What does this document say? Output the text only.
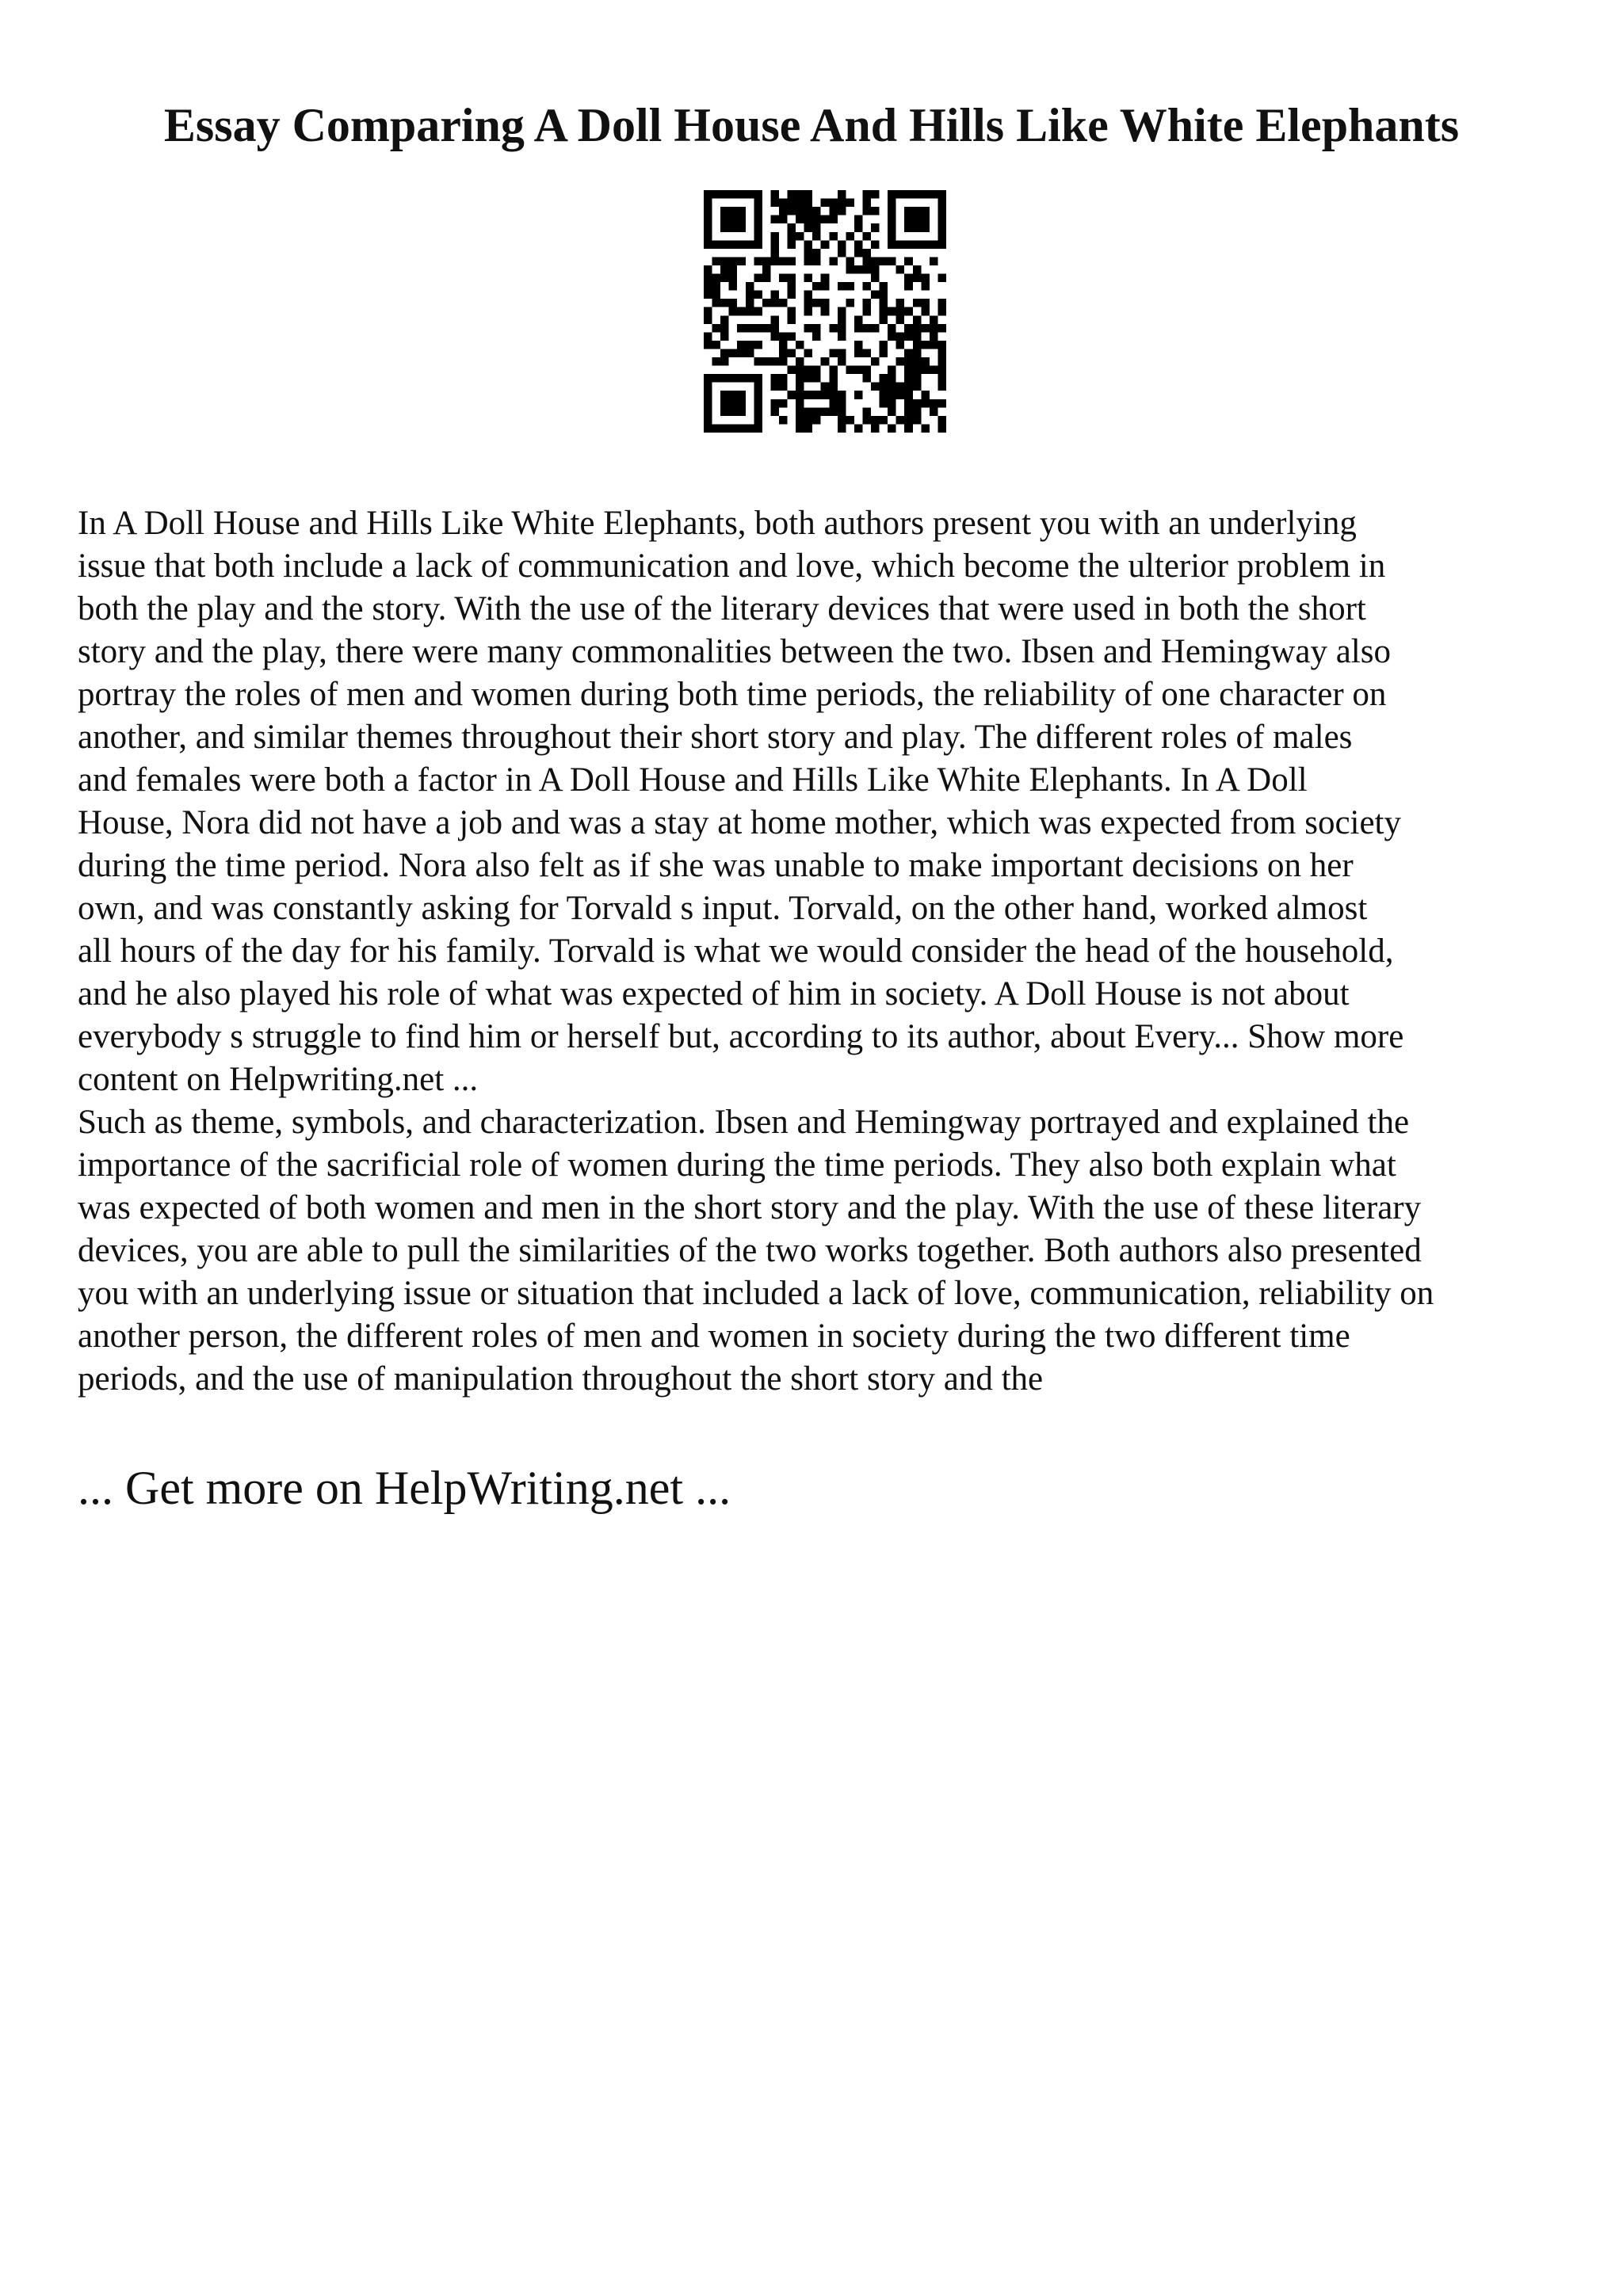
Essay Comparing A Doll House And Hills Like White Elephants

In A Doll House and Hills Like White Elephants, both authors present you with an underlying
issue that both include a lack of communication and love, which become the ulterior problem in
both the play and the story. With the use of the literary devices that were used in both the short
story and the play, there were many commonalities between the two. Ibsen and Hemingway also
portray the roles of men and women during both time periods, the reliability of one character on
another, and similar themes throughout their short story and play. The different roles of males
and females were both a factor in A Doll House and Hills Like White Elephants. In A Doll
House, Nora did not have a job and was a stay at home mother, which was expected from society
during the time period. Nora also felt as if she was unable to make important decisions on her
own, and was constantly asking for Torvald s input. Torvald, on the other hand, worked almost
all hours of the day for his family. Torvald is what we would consider the head of the household,
and he also played his role of what was expected of him in society. A Doll House is not about
everybody s struggle to find him or herself but, according to its author, about Every... Show more
content on Helpwriting.net ...

Such as theme, symbols, and characterization. Ibsen and Hemingway portrayed and explained the
importance of the sacrificial role of women during the time periods. They also both explain what
was expected of both women and men in the short story and the play. With the use of these literary
devices, you are able to pull the similarities of the two works together. Both authors also presented
you with an underlying issue or situation that included a lack of love, communication, reliability on
another person, the different roles of men and women in society during the two different time
periods, and the use of manipulation throughout the short story and the

... Get more on HelpWriting.net ...
